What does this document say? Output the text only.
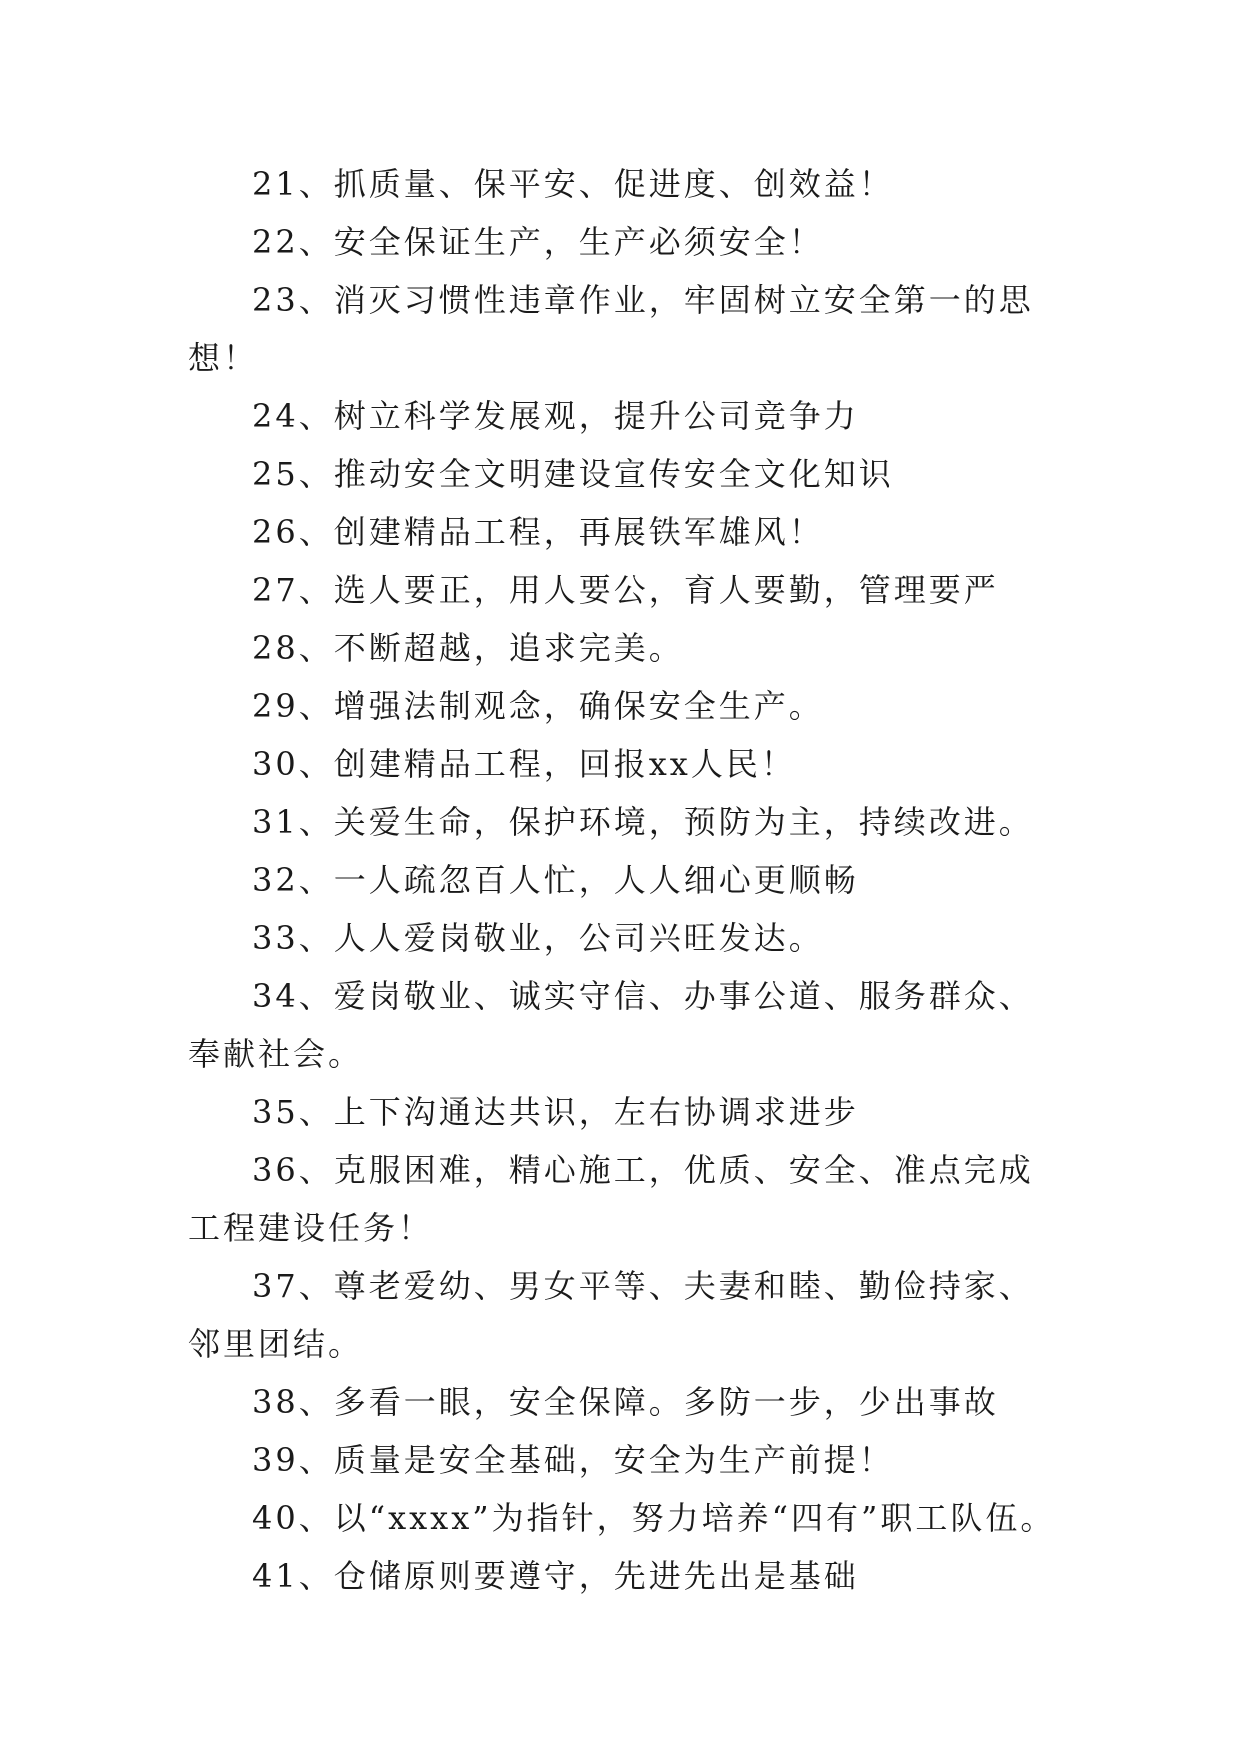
21、抓质量、保平安、促进度、创效益！

22、安全保证生产，生产必须安全！

23、消灭习惯性违章作业，牢固树立安全第一的思想！

24、树立科学发展观，提升公司竞争力

25、推动安全文明建设宣传安全文化知识

26、创建精品工程，再展铁军雄风！

27、选人要正，用人要公，育人要勤，管理要严

28、不断超越，追求完美。

29、增强法制观念，确保安全生产。

30、创建精品工程，回报xx人民！

31、关爱生命，保护环境，预防为主，持续改进。

32、一人疏忽百人忙，人人细心更顺畅

33、人人爱岗敬业，公司兴旺发达。

34、爱岗敬业、诚实守信、办事公道、服务群众、奉献社会。

35、上下沟通达共识，左右协调求进步

36、克服困难，精心施工，优质、安全、准点完成工程建设任务！

37、尊老爱幼、男女平等、夫妻和睦、勤俭持家、邻里团结。

38、多看一眼，安全保障。多防一步，少出事故

39、质量是安全基础，安全为生产前提！

40、以“xxxx”为指针，努力培养“四有”职工队伍。

41、仓储原则要遵守，先进先出是基础
